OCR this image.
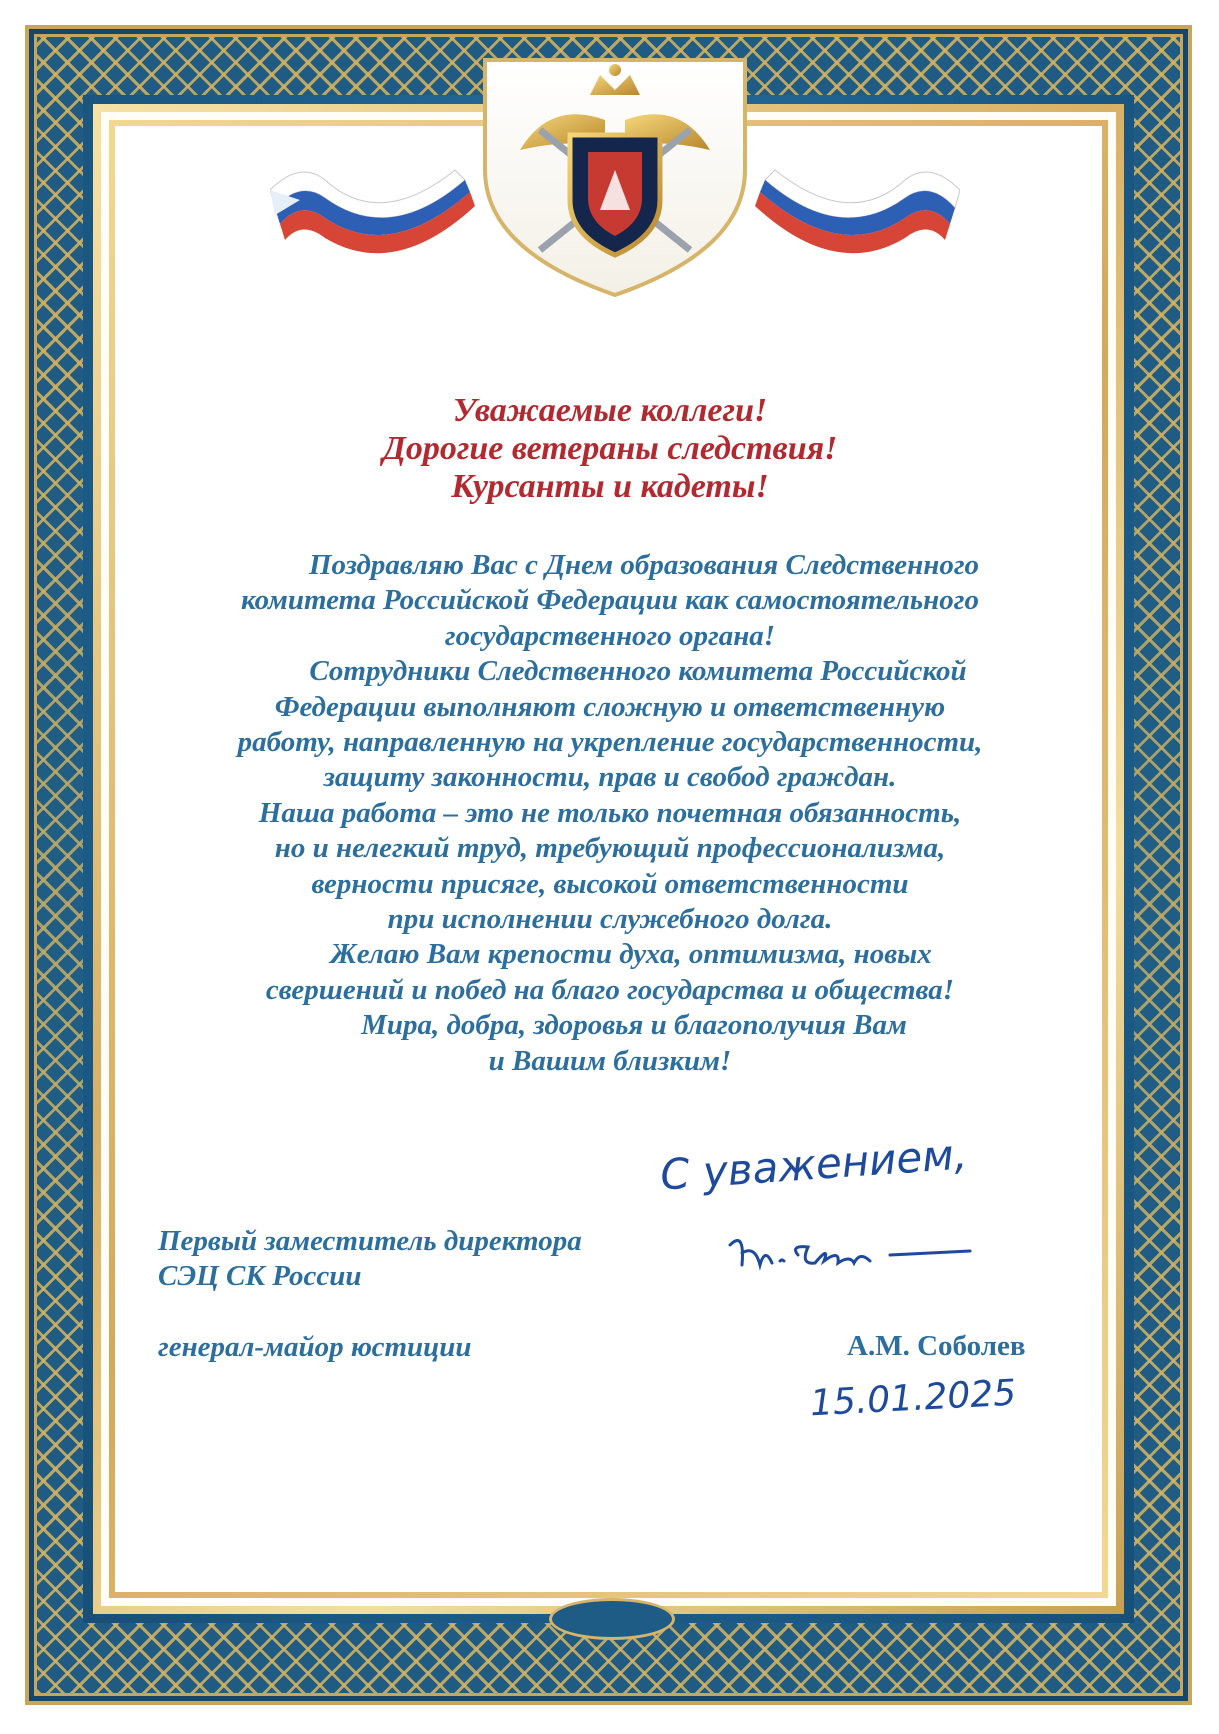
Уважаемые коллеги!
Дорогие ветераны следствия!
Курсанты и кадеты!
Поздравляю Вас с Днем образования Следственного
комитета Российской Федерации как самостоятельного
государственного органа!
Сотрудники Следственного комитета Российской
Федерации выполняют сложную и ответственную
работу, направленную на укрепление государственности,
защиту законности, прав и свобод граждан.
Наша работа – это не только почетная обязанность,
но и нелегкий труд, требующий профессионализма,
верности присяге, высокой ответственности
при исполнении служебного долга.
Желаю Вам крепости духа, оптимизма, новых
свершений и побед на благо государства и общества!
Мира, добра, здоровья и благополучия Вам
и Вашим близким!
С уважением,
Первый заместитель директора
СЭЦ СК России
генерал-майор юстиции	А.М. Соболев
15.01.2025
